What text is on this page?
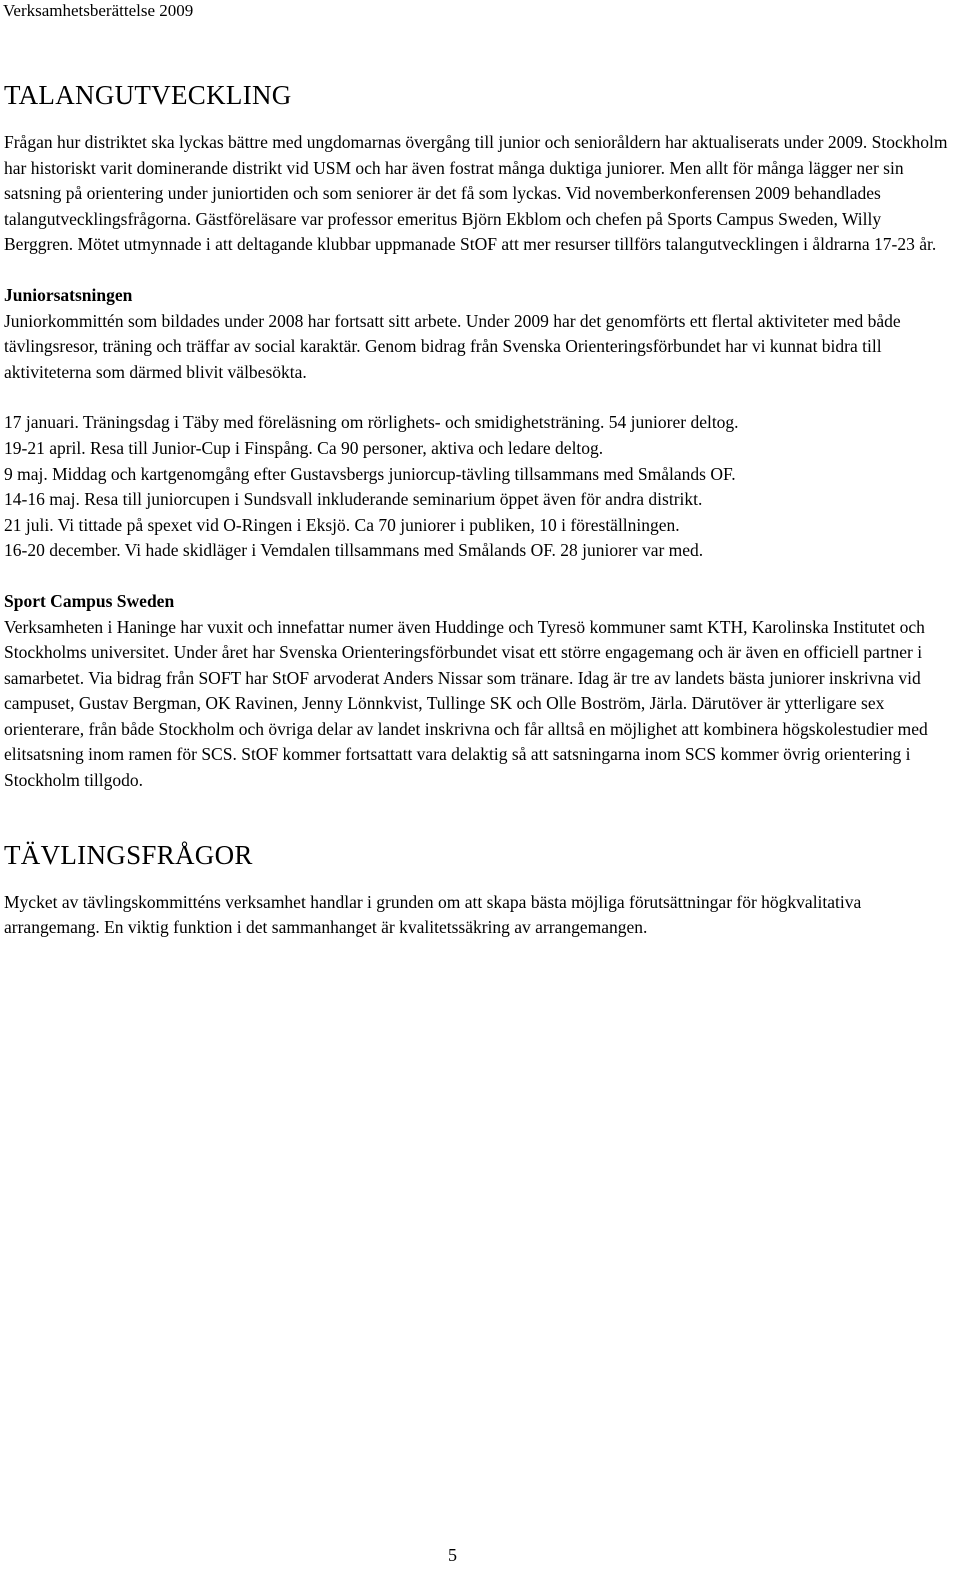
Verksamhetsberättelse 2009
TALANGUTVECKLING

Frågan hur distriktet ska lyckas bättre med ungdomarnas övergång till junior och senioråldern har aktualiserats under 2009. Stockholm har historiskt varit dominerande distrikt vid USM och har även fostrat många duktiga juniorer. Men allt för många lägger ner sin satsning på orientering under juniortiden och som seniorer är det få som lyckas. Vid novemberkonferensen 2009 behandlades talangutvecklingsfrågorna. Gästföreläsare var professor emeritus Björn Ekblom och chefen på Sports Campus Sweden, Willy Berggren. Mötet utmynnade i att deltagande klubbar uppmanade StOF att mer resurser tillförs talangutvecklingen i åldrarna 17-23 år.

Juniorsatsningen

Juniorkommittén som bildades under 2008 har fortsatt sitt arbete. Under 2009 har det genomförts ett flertal aktiviteter med både tävlingsresor, träning och träffar av social karaktär. Genom bidrag från Svenska Orienteringsförbundet har vi kunnat bidra till aktiviteterna som därmed blivit välbesökta.

17 januari. Träningsdag i Täby med föreläsning om rörlighets- och smidighetsträning. 54 juniorer deltog.
19-21 april. Resa till Junior-Cup i Finspång. Ca 90 personer, aktiva och ledare deltog.
9 maj. Middag och kartgenomgång efter Gustavsbergs juniorcup-tävling tillsammans med Smålands OF.
14-16 maj. Resa till juniorcupen i Sundsvall inkluderande seminarium öppet även för andra distrikt.
21 juli. Vi tittade på spexet vid O-Ringen i Eksjö. Ca 70 juniorer i publiken, 10 i föreställningen.
16-20 december. Vi hade skidläger i Vemdalen tillsammans med Smålands OF. 28 juniorer var med.

Sport Campus Sweden

Verksamheten i Haninge har vuxit och innefattar numer även Huddinge och Tyresö kommuner samt KTH, Karolinska Institutet och Stockholms universitet. Under året har Svenska Orienteringsförbundet visat ett större engagemang och är även en officiell partner i samarbetet. Via bidrag från SOFT har StOF arvoderat Anders Nissar som tränare. Idag är tre av landets bästa juniorer inskrivna vid campuset, Gustav Bergman, OK Ravinen, Jenny Lönnkvist, Tullinge SK och Olle Boström, Järla. Därutöver är ytterligare sex orienterare, från både Stockholm och övriga delar av landet inskrivna och får alltså en möjlighet att kombinera högskolestudier med elitsatsning inom ramen för SCS. StOF kommer fortsattatt vara delaktig så att satsningarna inom SCS kommer övrig orientering i Stockholm tillgodo.

TÄVLINGSFRÅGOR

Mycket av tävlingskommitténs verksamhet handlar i grunden om att skapa bästa möjliga förutsättningar för högkvalitativa arrangemang. En viktig funktion i det sammanhanget är kvalitetssäkring av arrangemangen.

5
